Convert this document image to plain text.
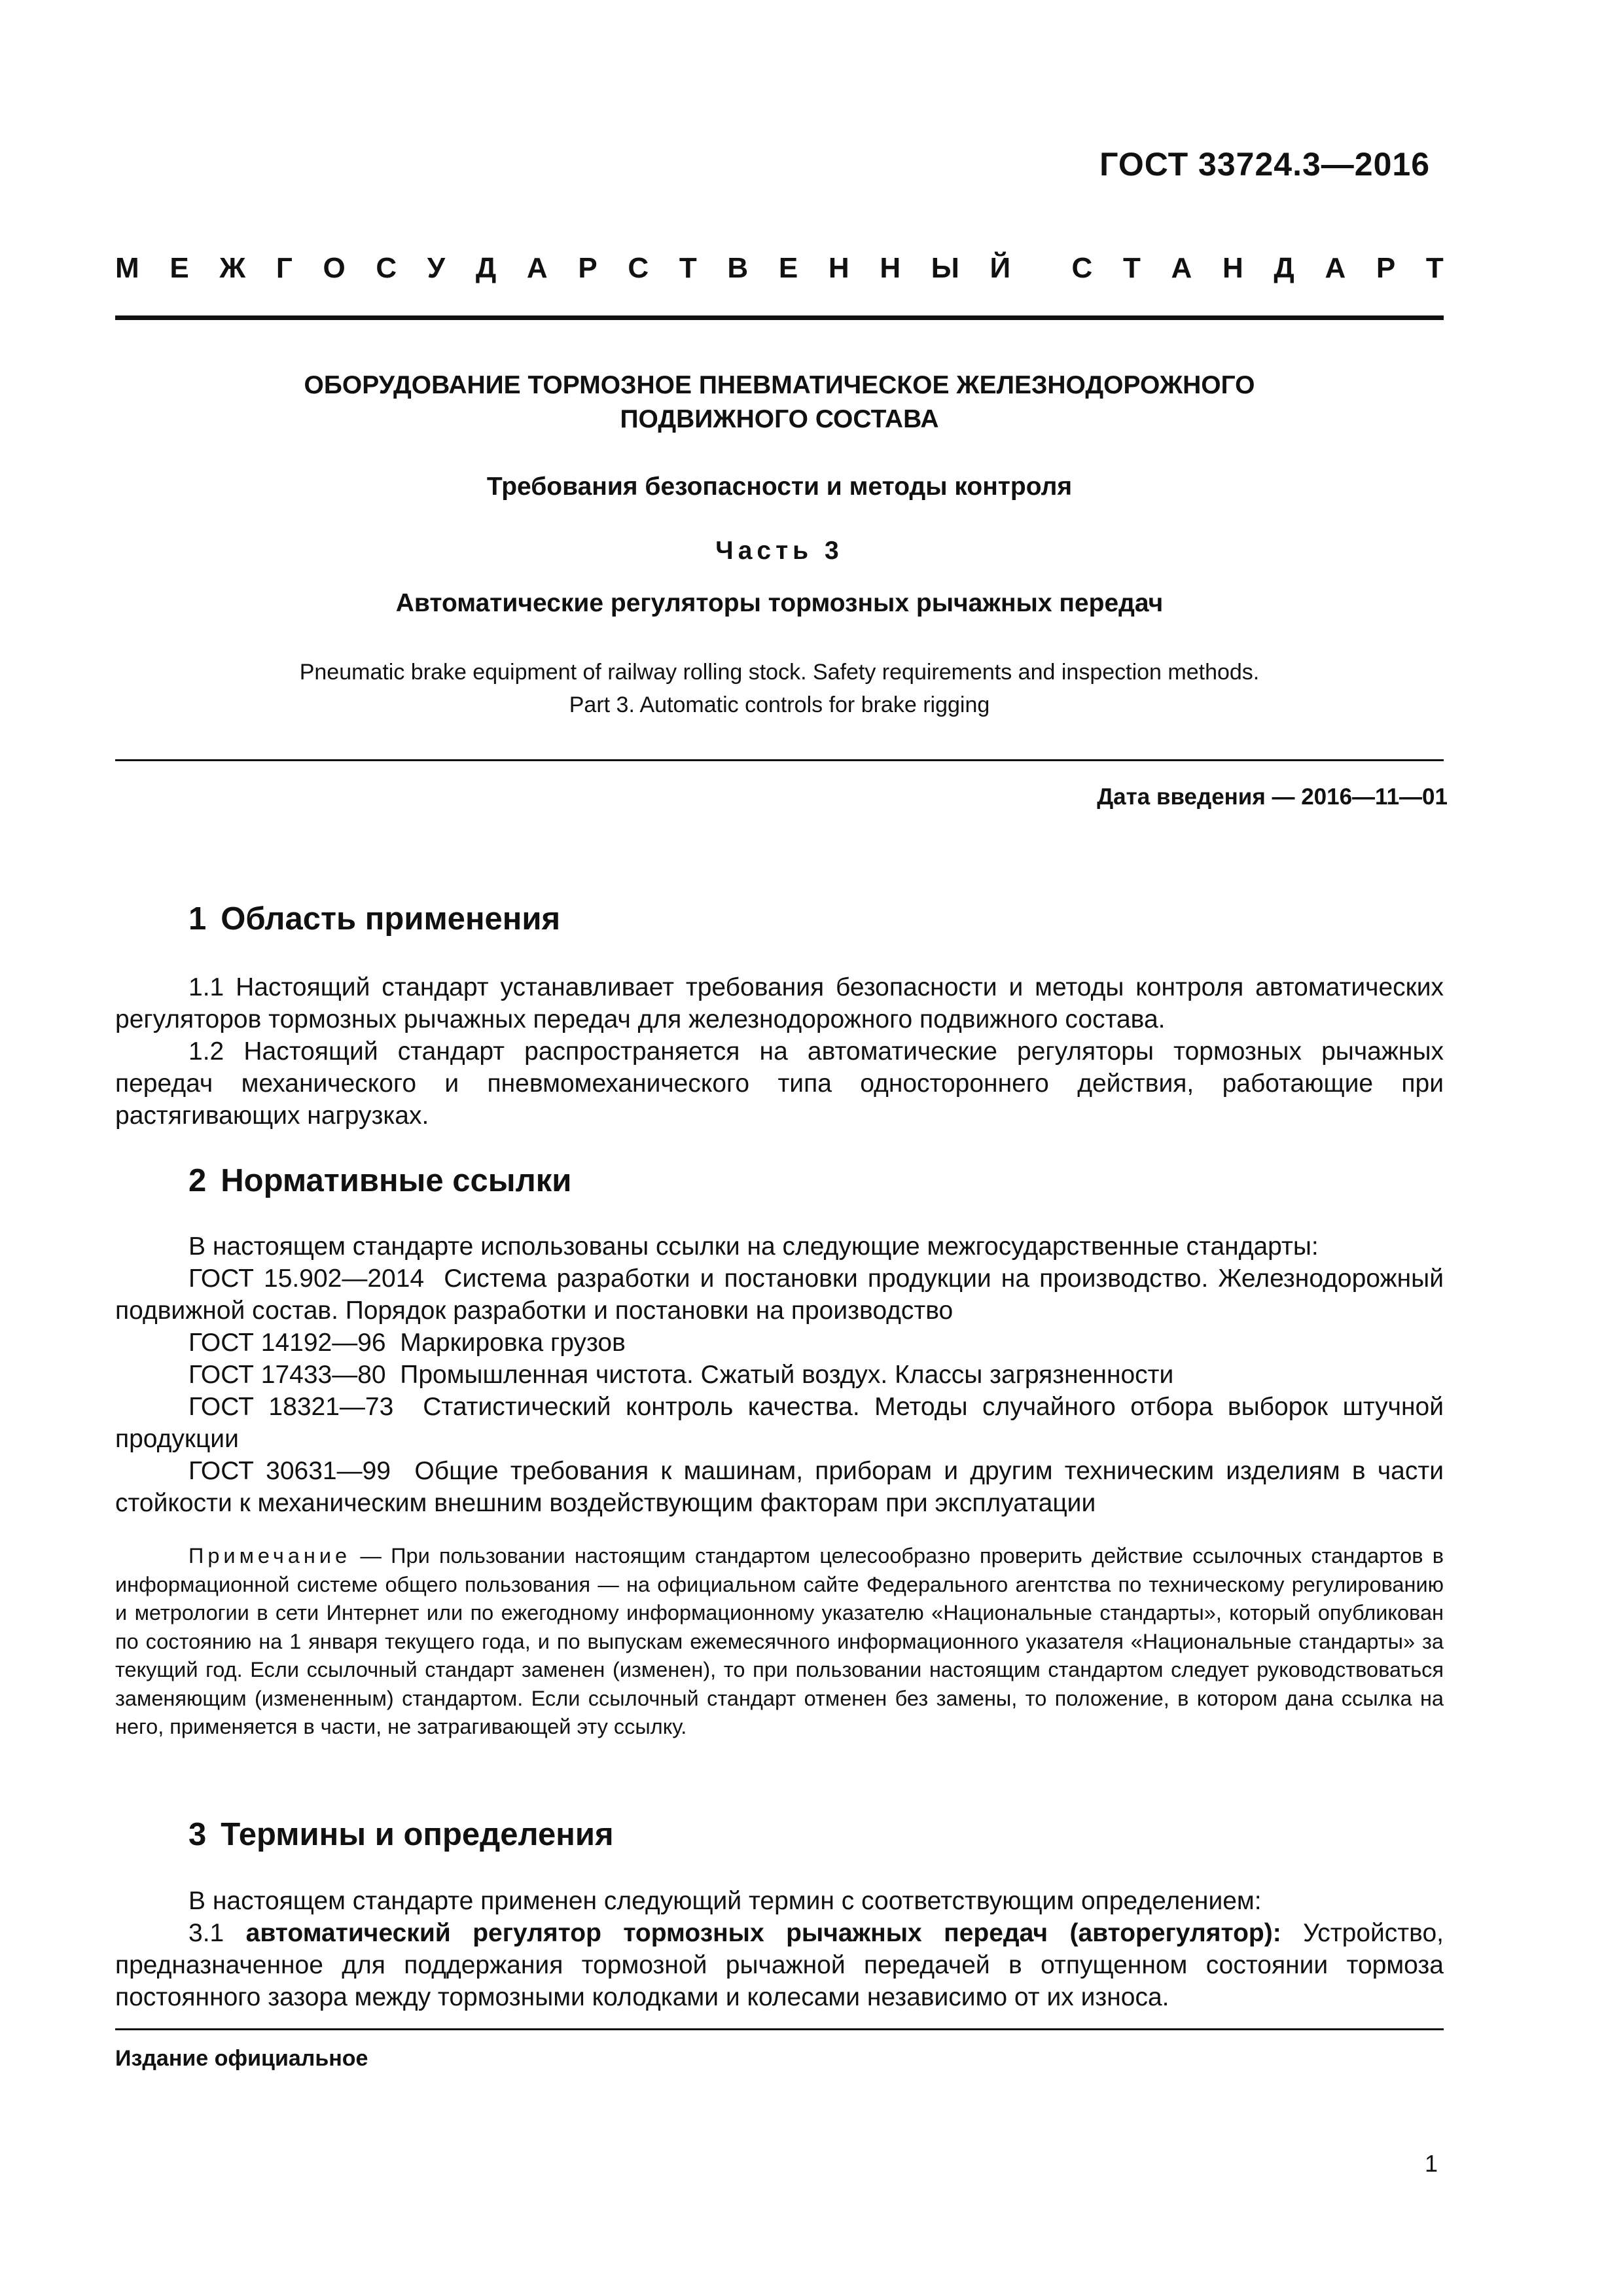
ГОСТ 33724.3—2016
М Е Ж Г О С У Д А Р С Т В Е Н Н Ы Й С Т А Н Д А Р Т
ОБОРУДОВАНИЕ ТОРМОЗНОЕ ПНЕВМАТИЧЕСКОЕ ЖЕЛЕЗНОДОРОЖНОГО
ПОДВИЖНОГО СОСТАВА
Требования безопасности и методы контроля
Часть 3
Автоматические регуляторы тормозных рычажных передач
Pneumatic brake equipment of railway rolling stock. Safety requirements and inspection methods.
Part 3. Automatic controls for brake rigging
Дата введения — 2016—11—01
1 Область применения

1.1 Настоящий стандарт устанавливает требования безопасности и методы контроля автоматических регуляторов тормозных рычажных передач для железнодорожного подвижного состава.

1.2 Настоящий стандарт распространяется на автоматические регуляторы тормозных рычажных передач механического и пневмомеханического типа одностороннего действия, работающие при растягивающих нагрузках.

2 Нормативные ссылки

В настоящем стандарте использованы ссылки на следующие межгосударственные стандарты:

ГОСТ 15.902—2014 Система разработки и постановки продукции на производство. Железнодорожный подвижной состав. Порядок разработки и постановки на производство

ГОСТ 14192—96 Маркировка грузов

ГОСТ 17433—80 Промышленная чистота. Сжатый воздух. Классы загрязненности

ГОСТ 18321—73 Статистический контроль качества. Методы случайного отбора выборок штучной продукции

ГОСТ 30631—99 Общие требования к машинам, приборам и другим техническим изделиям в части стойкости к механическим внешним воздействующим факторам при эксплуатации

Примечание — При пользовании настоящим стандартом целесообразно проверить действие ссылочных стандартов в информационной системе общего пользования — на официальном сайте Федерального агентства по техническому регулированию и метрологии в сети Интернет или по ежегодному информационному указателю «Национальные стандарты», который опубликован по состоянию на 1 января текущего года, и по выпускам ежемесячного информационного указателя «Национальные стандарты» за текущий год. Если ссылочный стандарт заменен (изменен), то при пользовании настоящим стандартом следует руководствоваться заменяющим (измененным) стандартом. Если ссылочный стандарт отменен без замены, то положение, в котором дана ссылка на него, применяется в части, не затрагивающей эту ссылку.

3 Термины и определения

В настоящем стандарте применен следующий термин с соответствующим определением:

3.1 автоматический регулятор тормозных рычажных передач (авторегулятор): Устройство, предназначенное для поддержания тормозной рычажной передачей в отпущенном состоянии тормоза постоянного зазора между тормозными колодками и колесами независимо от их износа.

Издание официальное
1
